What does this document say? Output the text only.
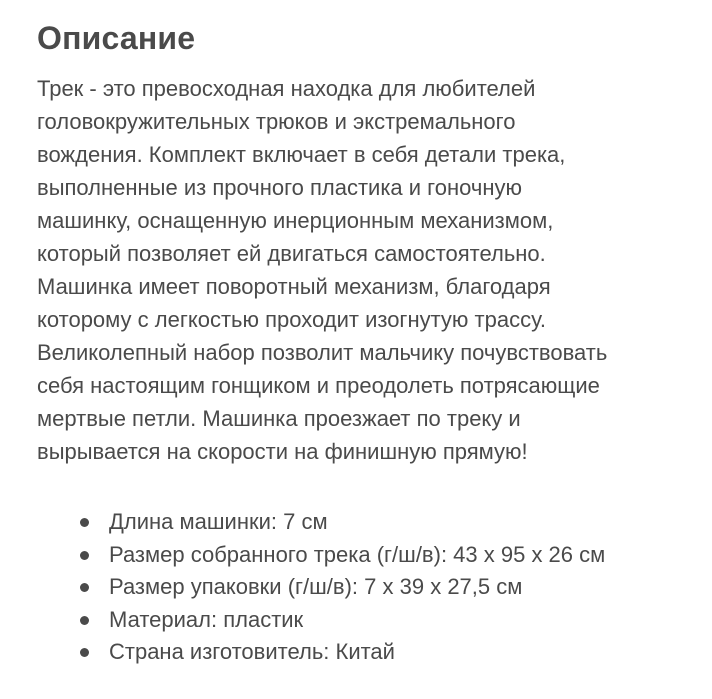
Описание

Трек - это превосходная находка для любителей
головокружительных трюков и экстремального
вождения. Комплект включает в себя детали трека,
выполненные из прочного пластика и гоночную
машинку, оснащенную инерционным механизмом,
который позволяет ей двигаться самостоятельно.
Машинка имеет поворотный механизм, благодаря
которому с легкостью проходит изогнутую трассу.
Великолепный набор позволит мальчику почувствовать
себя настоящим гонщиком и преодолеть потрясающие
мертвые петли. Машинка проезжает по треку и
вырывается на скорости на финишную прямую!

Длина машинки: 7 см
Размер собранного трека (г/ш/в): 43 х 95 х 26 см
Размер упаковки (г/ш/в): 7 х 39 х 27,5 см
Материал: пластик
Страна изготовитель: Китай
